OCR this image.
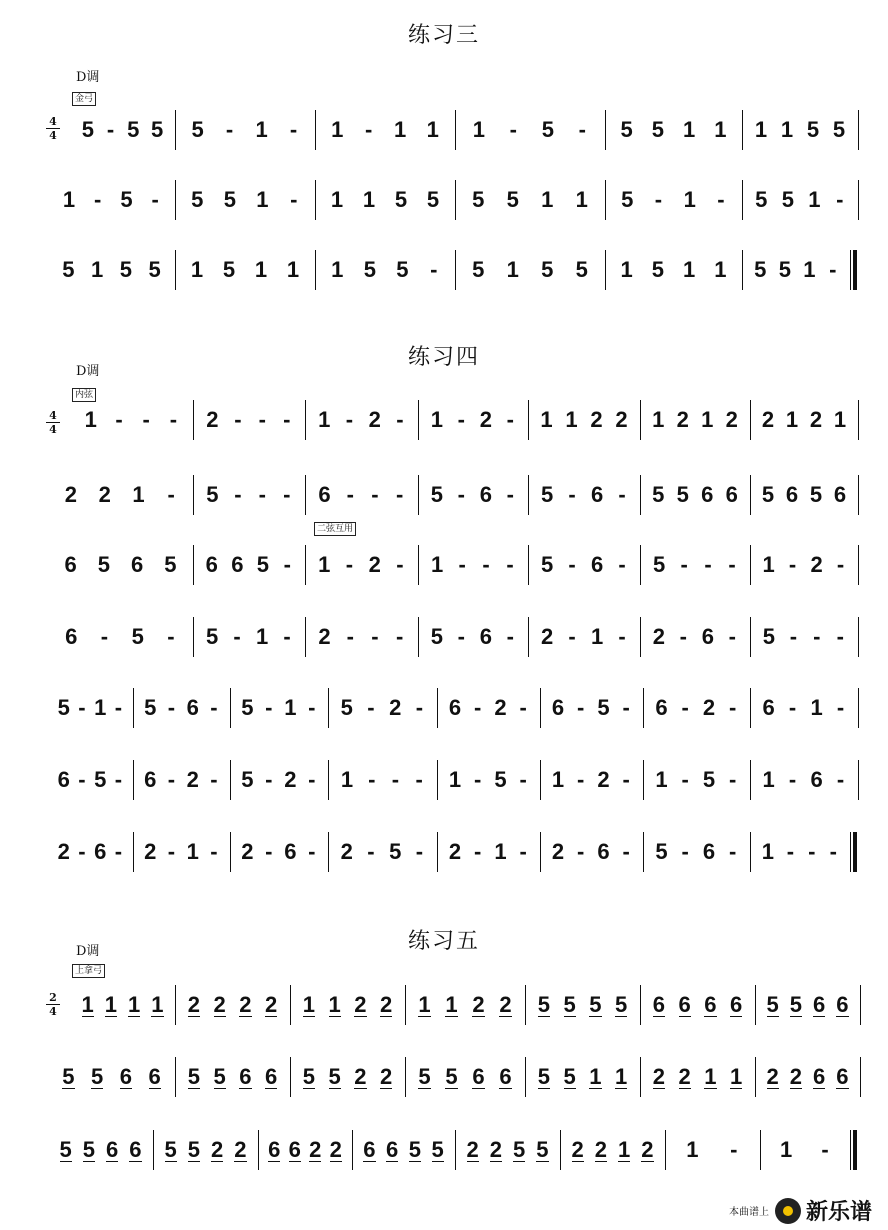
练习三
D调
金弓
4
4 5 - 5 5 5 - 1 - 1 - 1 1 1 - 5 - 5 5 1 1 1 1 5 5
1 - 5 - 5 5 1 - 1 1 5 5 5 5 1 1 5 - 1 - 5 5 1 -
5 1 5 5 1 5 1 1 1 5 5 - 5 1 5 5 1 5 1 1 5 5 1 -
练习四
D调
内弦
4
4
二弦互用
1 - - - 2 - - - 1 - 2 - 1 - 2 - 1 1 2 2 1 2 1 2 2 1 2 1
2 2 1 - 5 - - - 6 - - - 5 - 6 - 5 - 6 - 5 5 6 6 5 6 5 6
6 5 6 5 6 6 5 - 1 - 2 - 1 - - - 5 - 6 - 5 - - - 1 - 2 -
6 - 5 - 5 - 1 - 2 - - - 5 - 6 - 2 - 1 - 2 - 6 - 5 - - -
5 - 1 - 5 - 6 - 5 - 1 - 5 - 2 - 6 - 2 - 6 - 5 - 6 - 2 - 6 - 1 -
6 - 5 - 6 - 2 - 5 - 2 - 1 - - - 1 - 5 - 1 - 2 - 1 - 5 - 1 - 6 -
2 - 6 - 2 - 1 - 2 - 6 - 2 - 5 - 2 - 1 - 2 - 6 - 5 - 6 - 1 - - -
练习五
D调
上拿弓
2
4 1 1 1 1 2 2 2 2 1 1 2 2 1 1 2 2 5 5 5 5 6 6 6 6 5 5 6 6
5 5 6 6 5 5 6 6 5 5 2 2 5 5 6 6 5 5 1 1 2 2 1 1 2 2 6 6
5 5 6 6 5 5 2 2 6 6 2 2 6 6 5 5 2 2 5 5 2 2 1 2 1 - 1 -
本曲谱上 新乐谱
